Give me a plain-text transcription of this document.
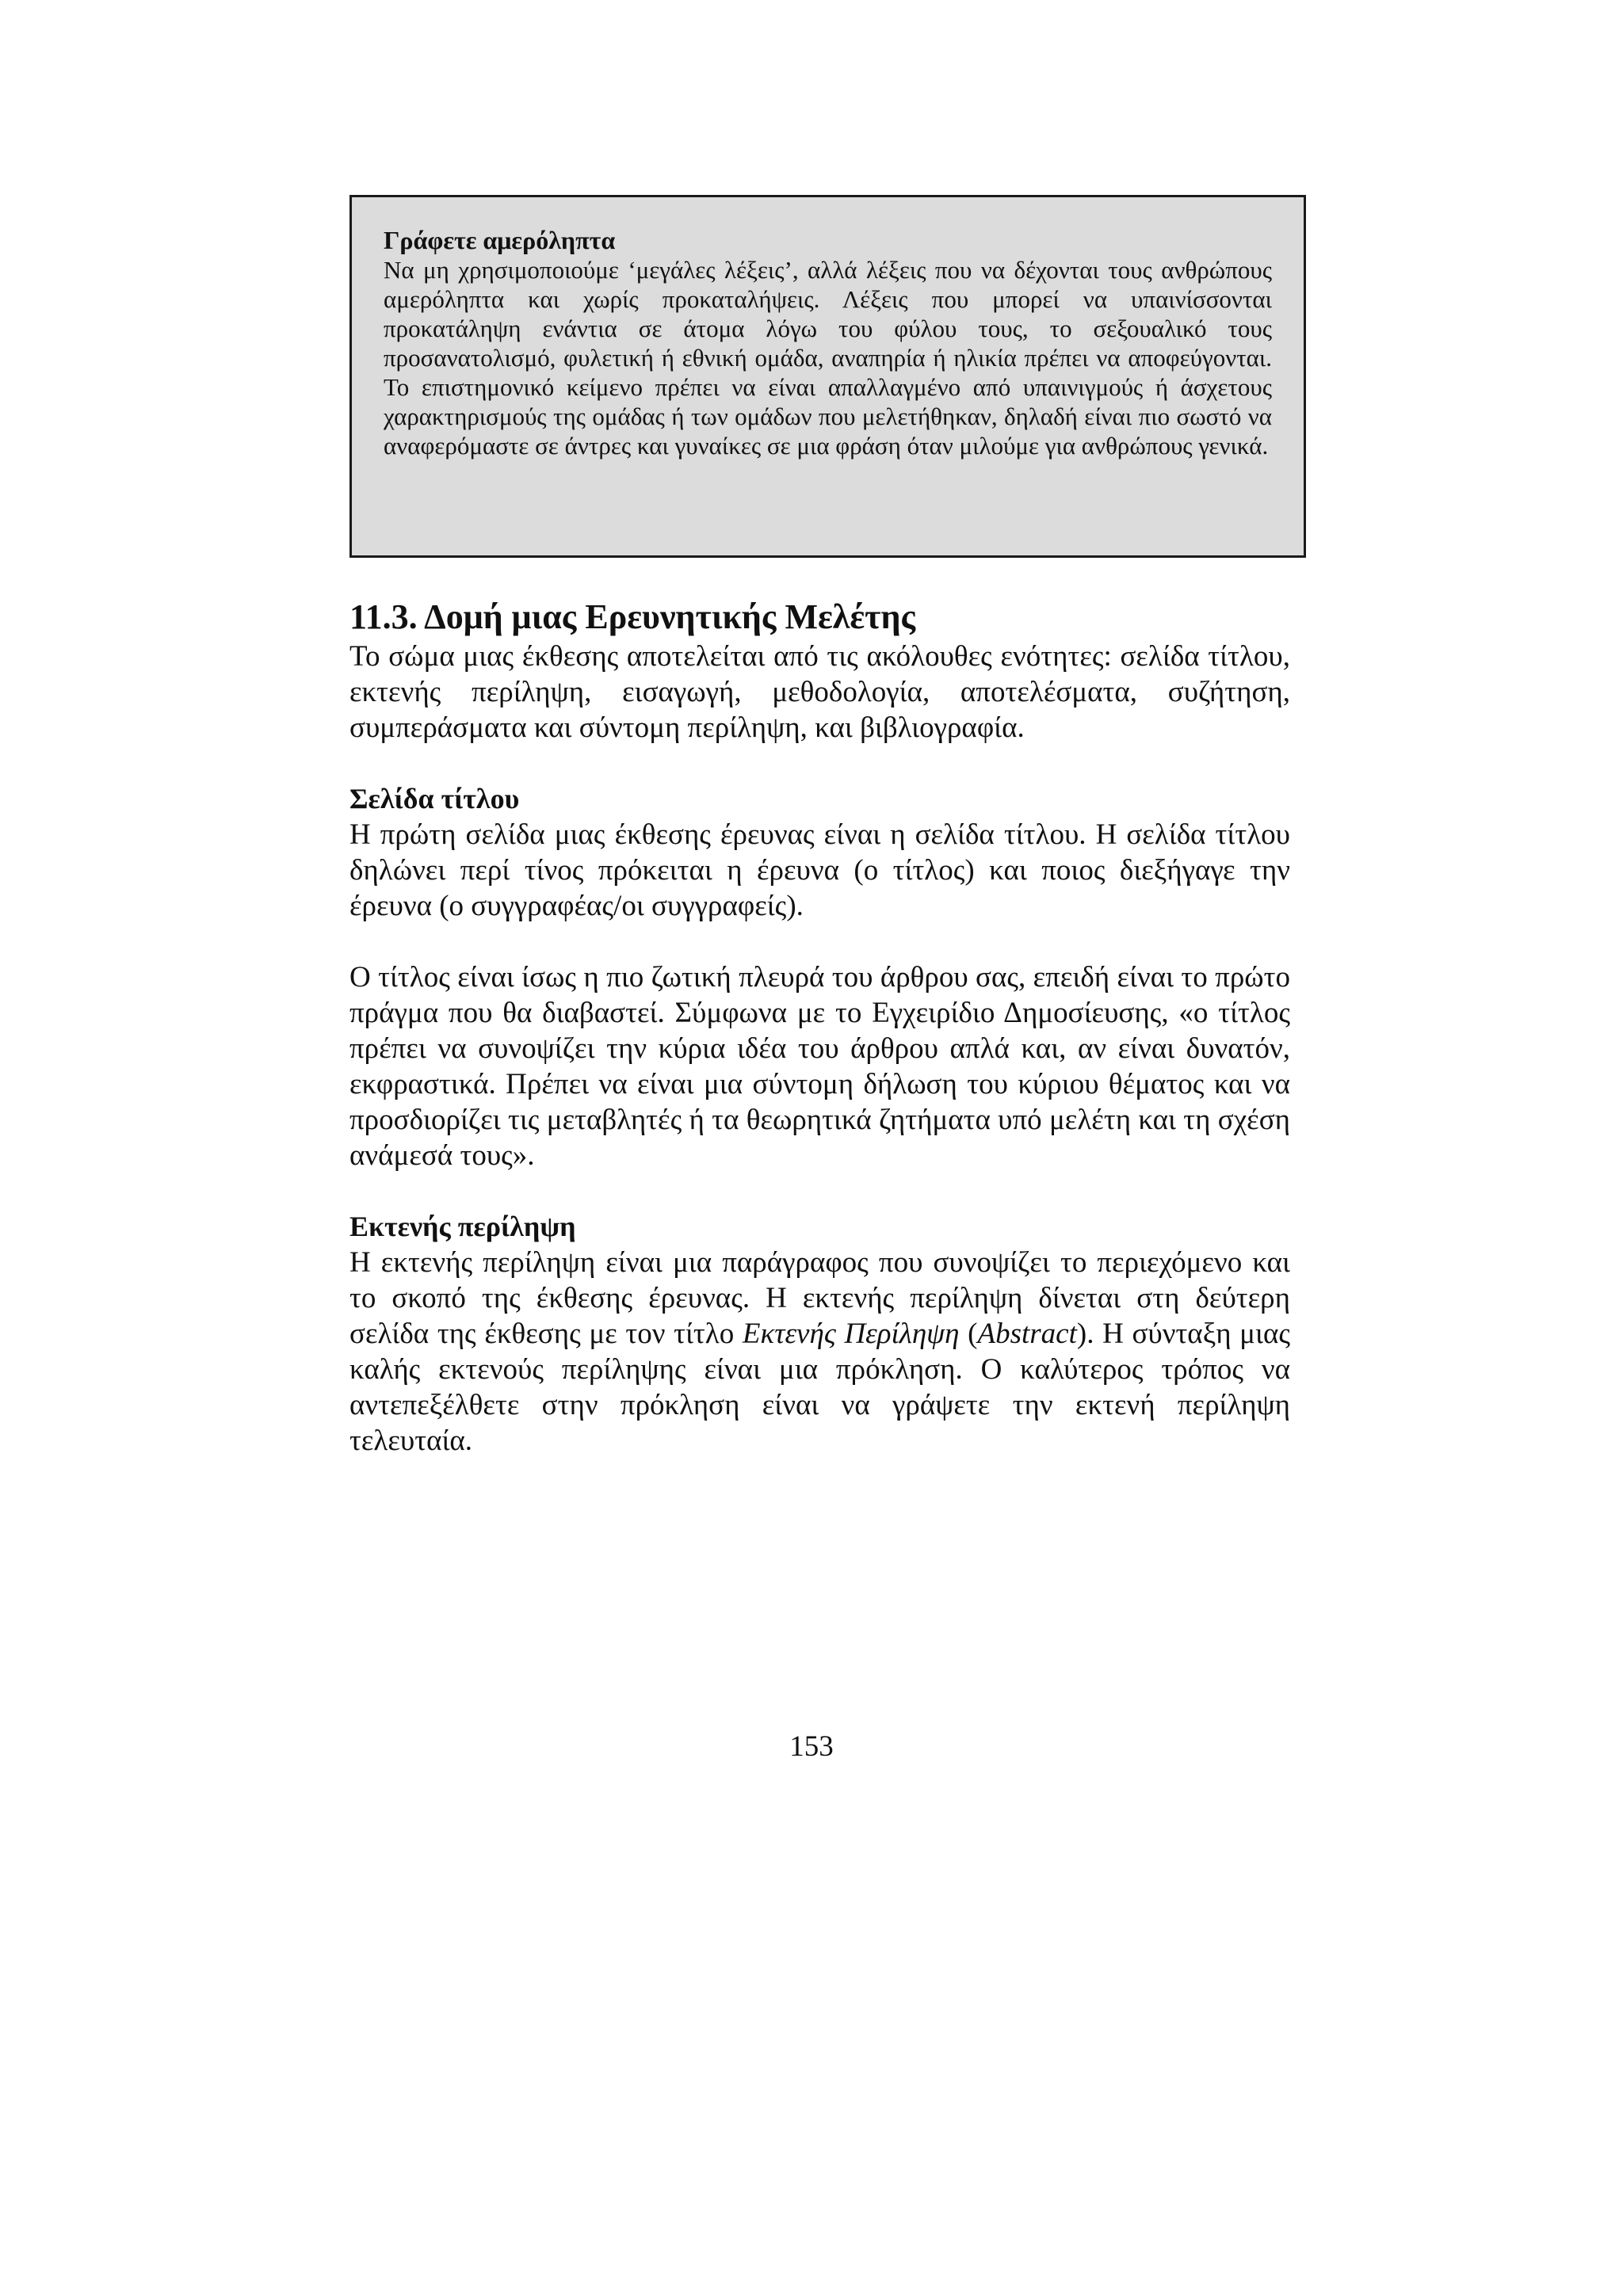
Γράφετε αμερόληπτα

Να μη χρησιμοποιούμε ‘μεγάλες λέξεις’, αλλά λέξεις που να δέχονται τους ανθρώπους αμερόληπτα και χωρίς προκαταλήψεις. Λέξεις που μπορεί να υπαινίσσονται προκατάληψη ενάντια σε άτομα λόγω του φύλου τους, το σεξουαλικό τους προσανατολισμό, φυλετική ή εθνική ομάδα, αναπηρία ή ηλικία πρέπει να αποφεύγονται. Το επιστημονικό κείμενο πρέπει να είναι απαλλαγμένο από υπαινιγμούς ή άσχετους χαρακτηρισμούς της ομάδας ή των ομάδων που μελετήθηκαν, δηλαδή είναι πιο σωστό να αναφερόμαστε σε άντρες και γυναίκες σε μια φράση όταν μιλούμε για ανθρώπους γενικά.

11.3. Δομή μιας Ερευνητικής Μελέτης

Το σώμα μιας έκθεσης αποτελείται από τις ακόλουθες ενότητες: σελίδα τίτλου, εκτενής περίληψη, εισαγωγή, μεθοδολογία, αποτελέσματα, συζήτηση, συμπεράσματα και σύντομη περίληψη, και βιβλιογραφία.

Σελίδα τίτλου

Η πρώτη σελίδα μιας έκθεσης έρευνας είναι η σελίδα τίτλου. Η σελίδα τίτλου δηλώνει περί τίνος πρόκειται η έρευνα (ο τίτλος) και ποιος διεξήγαγε την έρευνα (ο συγγραφέας/οι συγγραφείς).

Ο τίτλος είναι ίσως η πιο ζωτική πλευρά του άρθρου σας, επειδή είναι το πρώτο πράγμα που θα διαβαστεί. Σύμφωνα με το Εγχειρίδιο Δημοσίευσης, «ο τίτλος πρέπει να συνοψίζει την κύρια ιδέα του άρθρου απλά και, αν είναι δυνατόν, εκφραστικά. Πρέπει να είναι μια σύντομη δήλωση του κύριου θέματος και να προσδιορίζει τις μεταβλητές ή τα θεωρητικά ζητήματα υπό μελέτη και τη σχέση ανάμεσά τους».

Εκτενής περίληψη

Η εκτενής περίληψη είναι μια παράγραφος που συνοψίζει το περιεχόμενο και το σκοπό της έκθεσης έρευνας. Η εκτενής περίληψη δίνεται στη δεύτερη σελίδα της έκθεσης με τον τίτλο Εκτενής Περίληψη (Abstract). Η σύνταξη μιας καλής εκτενούς περίληψης είναι μια πρόκληση. Ο καλύτερος τρόπος να αντεπεξέλθετε στην πρόκληση είναι να γράψετε την εκτενή περίληψη τελευταία.

153
